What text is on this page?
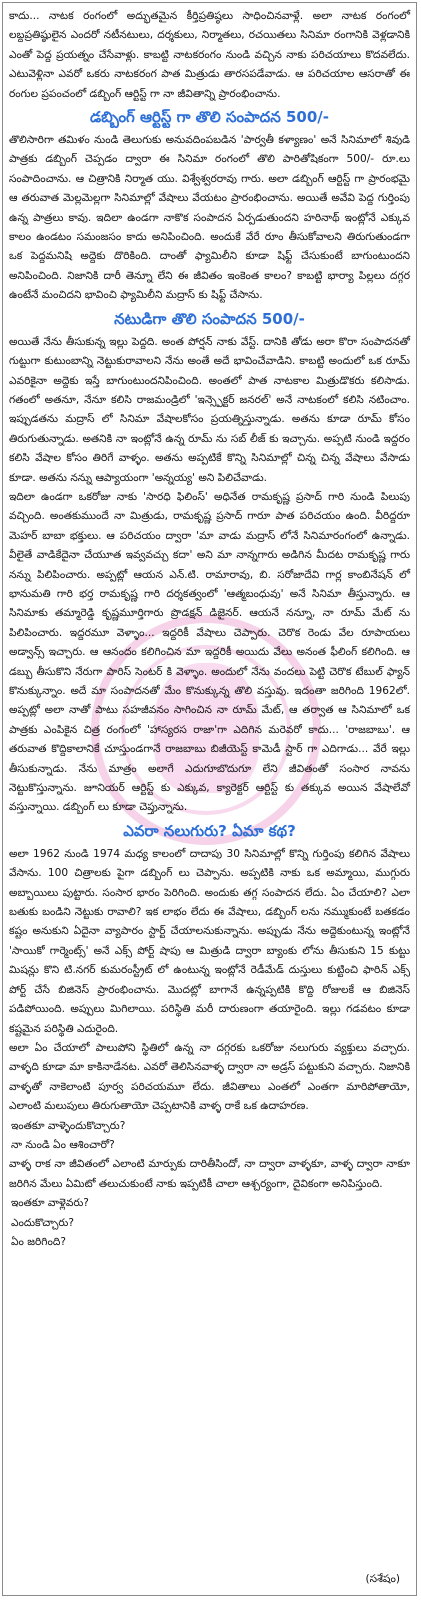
కాదు... నాటక రంగంలో అద్భుతమైన కీర్తిప్రతిష్ఠలు సాధించినవాళ్లే. అలా నాటక రంగంలో లబ్దప్రతిష్ఠులైన ఎందరో నటీనటులు, దర్శకులు, నిర్మాతలు, రచయితలు సినిమా రంగానికి వెళ్లడానికి ఎంతో పెద్ద ప్రయత్నం చేసేవాళ్లు. కాబట్టి నాటకరంగం నుండి వచ్చిన నాకు పరిచయాలు కొదవలేదు. ఎటువెళ్లినా ఎవరో ఒకరు నాటకరంగ పాత మిత్రుడు తారసపడేవాడు. ఆ పరిచయాల ఆసరాతో ఈ రంగుల ప్రపంచంలో డబ్బింగ్ ఆర్టిస్ట్ గా నా జీవితాన్ని ప్రారంభించాను.

డబ్బింగ్ ఆర్టిస్ట్ గా తొలి సంపాదన 500/-

తొలిసారిగా తమిళం నుండి తెలుగుకు అనువదింపబడిన 'పార్వతీ కళ్యాణం' అనే సినిమాలో శివుడి పాత్రకు డబ్బింగ్ చెప్పడం ద్వారా ఈ సినిమా రంగంలో తొలి పారితోషికంగా 500/- రూ.లు సంపాదించాను. ఆ చిత్రానికి నిర్మాత యు. విశ్వేశ్వరరావు గారు. అలా డబ్బింగ్ ఆర్టిస్ట్ గా ప్రారంభమై ఆ తరువాత మెల్లమెల్లగా సినిమాల్లో వేషాలు వేయటం ప్రారంభించాను. అయితే అవేవి పెద్ద గుర్తింపు ఉన్న పాత్రలు కావు. ఇదిలా ఉండగా నాకొక సంపాదన ఏర్పడుతుందని హరినాథ్ ఇంట్లోనే ఎక్కువ కాలం ఉండటం సమంజసం కాదు అనిపించింది. అందుకే వేరే రూం తీసుకోవాలని తిరుగుతుండగా ఒక పెద్దమనిషి అద్దెకు దొరికింది. దాంతో ఫ్యామిలీని కూడా షిఫ్ట్ చేసుకుంటే బాగుంటుందని అనిపించింది. నిజానికి దారీ తెన్నూ లేని ఈ జీవితం ఇంకెంత కాలం? కాబట్టి భార్యా పిల్లలు దగ్గర ఉంటేనే మంచిదని భావించి ఫ్యామిలీని మద్రాస్ కు షిఫ్ట్ చేసాను.

నటుడిగా తొలి సంపాదన 500/-

అయితే నేను తీసుకున్న ఇల్లు పెద్దది. అంత పోర్షన్ నాకు వేస్ట్. దానికి తోడు అరా కొరా సంపాదనతో గుట్టుగా కుటుంబాన్ని నెట్టుకురావాలని నేను అంతే అదే భావించేవాడిని. కాబట్టి అందులో ఒక రూమ్ ఎవరికైనా అద్దెకు ఇస్తే బాగుంటుందనిపించింది. అంతలో పాత నాటకాల మిత్రుడొకరు కలిసాడు. గతంలో అతనూ, నేనూ కలిసి రాజమండ్రిలో 'ఇన్స్పెక్టర్ జనరల్' అనే నాటకంలో కలిసి నటించాం. ఇప్పుడతను మద్రాస్ లో సినిమా వేషాలకోసం ప్రయత్నిస్తున్నాడు. అతను కూడా రూమ్ కోసం తిరుగుతున్నాడు. అతనికి నా ఇంట్లోనే ఉన్న రూమ్ ను సబ్ లీజ్ కు ఇచ్చాను. అప్పటి నుండి ఇద్దరం కలిసి వేషాల కోసం తిరిగే వాళ్ళం. అతను అప్పటికే కొన్ని సినిమాల్లో చిన్న చిన్న వేషాలు వేసాడు కూడా. అతను నన్ను ఆప్యాయంగా 'అన్నయ్య' అని పిలిచేవాడు.

ఇదిలా ఉండగా ఒకరోజు నాకు 'సారధి ఫిలింస్' అధినేత రామకృష్ణ ప్రసాద్ గారి నుండి పిలుపు వచ్చింది. అంతకుముందే నా మిత్రుడు, రామకృష్ణ ప్రసాద్ గారూ పాత పరిచయం ఉంది. వీరిద్దరూ మెహర్ బాబా భక్తులు. ఆ పరిచయం ద్వారా 'మా వాడు మద్రాస్ లోనే సినిమారంగంలో ఉన్నాడు. వీలైతే వాడికేదైనా చేయూత ఇవ్వవచ్చు కదా' అని మా నాన్నగారు అడిగిన మీదట రామకృష్ణ గారు నన్ను పిలిపించారు. అప్పట్లో ఆయన ఎన్.టి. రామారావు, బి. సరోజాదేవి గార్ల కాంబినేషన్ లో భానుమతి గారి భర్త రామకృష్ణ గారి దర్శకత్వంలో 'ఆత్మబంధువు' అనే సినిమా తీస్తున్నారు. ఆ సినిమాకు తమ్మారెడ్డి కృష్ణమూర్తిగారు ప్రొడక్షన్ డిజైనర్. ఆయనే నన్నూ, నా రూమ్ మేట్ ను పిలిపించారు. ఇద్దరమూ వెళ్ళాం... ఇద్దరికీ వేషాలు చెప్పారు. చెరొక రెండు వేల రూపాయలు అడ్వాన్స్ ఇచ్చారు. ఆ ఆనందం కలిగించిన మా ఇద్దరికీ అయిదు వేలు అనంత ఫీలింగ్ కలిగింది. ఆ డబ్బు తీసుకొని నేరుగా పారిస్ సెంటర్ కి వెళ్ళాం. అందులో నేను వందలు పెట్టి చెరొక టేబుల్ ఫ్యాన్ కొనుక్కున్నాం. అదే మా సంపాదనతో మేం కొనుక్కున్న తొలి వస్తువు. ఇదంతా జరిగింది 1962లో. అప్పట్లో అలా నాతో పాటు సహజీవనం సాగించిన నా రూమ్ మేట్, ఆ తర్వాత ఆ సినిమాలో ఒక పాత్రకు ఎంపికైన చిత్ర రంగంలో 'హాస్యరస రాజా'గా ఎదిగిన మరెవరో కాదు... 'రాజబాబు'. ఆ తరువాత కొద్దికాలానికే చూస్తుండగానే రాజబాబు బిజీయెస్ట్ కామెడీ స్టార్ గా ఎదిగాడు... వేరే ఇల్లు తీసుకున్నాడు. నేను మాత్రం అలాగే ఎదుగూబొదుగూ లేని జీవితంతో సంసార నావను నెట్టుకొస్తున్నాను. జూనియర్ ఆర్టిస్ట్ కు ఎక్కువ, క్యారెక్టర్ ఆర్టిస్ట్ కు తక్కువ అయిన వేషాలేవో వస్తున్నాయి. డబ్బింగ్ లు కూడా చెప్తున్నాను.

ఎవరా నలుగురు? ఏమా కథ?

అలా 1962 నుండి 1974 మధ్య కాలంలో దాదాపు 30 సినిమాల్లో కొన్ని గుర్తింపు కలిగిన వేషాలు వేసాను. 100 చిత్రాలకు పైగా డబ్బింగ్ లు చెప్పాను. అప్పటికి నాకు ఒక అమ్మాయి, ముగ్గురు అబ్బాయిలు పుట్టారు. సంసార భారం పెరిగింది. అందుకు తగ్గ సంపాదన లేదు. ఏం చేయాలి? ఎలా బతుకు బండిని నెట్టుకు రావాలి? ఇక లాభం లేదు ఈ వేషాలు, డబ్బింగ్ లను నమ్ముకుంటే బతకడం కష్టం అనుకుని ఏదైనా వ్యాపారం స్టార్ట్ చేయాలనుకున్నాను. అప్పుడు నేను అద్దెకుంటున్న ఇంట్లోనే 'సాయికో గార్మెంట్స్' అనే ఎక్స్ పోర్ట్ షాపు ఆ మిత్రుడి ద్వారా బ్యాంకు లోను తీసుకుని 15 కుట్టు మిషన్లు కొని టి.నగర్ కుమరంస్ట్రీట్ లో ఉంటున్న ఇంట్లోనే రెడీమేడ్ దుస్తులు కుట్టించి ఫారిన్ ఎక్స్ పోర్ట్ చేసే బిజినెస్ ప్రారంభించాను. మొదట్లో బాగానే ఉన్నప్పటికి కొద్ది రోజులకే ఆ బిజినెస్ పడిపోయింది. అప్పులు మిగిలాయి. పరిస్థితి మరీ దారుణంగా తయారైంది. ఇల్లు గడవటం కూడా కష్టమైన పరిస్థితి ఎదురైంది.

అలా ఏం చేయాలో పాలుపోని స్థితిలో ఉన్న నా దగ్గరకు ఒకరోజు నలుగురు వ్యక్తులు వచ్చారు. వాళ్ళది కూడా మా కాకినాడేనట. ఎవరో తెలిసినవాళ్ళ ద్వారా నా అడ్రస్ పట్టుకుని వచ్చారు. నిజానికి వాళ్ళతో నాకెలాంటి పూర్వ పరిచయమూ లేదు. జీవితాలు ఎంతలో ఎంతగా మారిపోతాయో, ఎలాంటి మలుపులు తిరుగుతాయో చెప్పటానికి వాళ్ళ రాకే ఒక ఉదాహరణ.

ఇంతకూ వాళ్ళెందుకొచ్చారు?

నా నుండి ఏం ఆశించారో?

వాళ్ళ రాక నా జీవితంలో ఎలాంటి మార్పుకు దారితీసిందో, నా ద్వారా వాళ్ళకూ, వాళ్ళ ద్వారా నాకూ జరిగిన మేలు ఏమిటో తలుచుకుంటే నాకు ఇప్పటికీ చాలా ఆశ్చర్యంగా, దైవికంగా అనిపిస్తుంది.

ఇంతకూ వాళ్లెవరు?

ఎందుకొచ్చారు?

ఏం జరిగింది?

(సశేషం)
